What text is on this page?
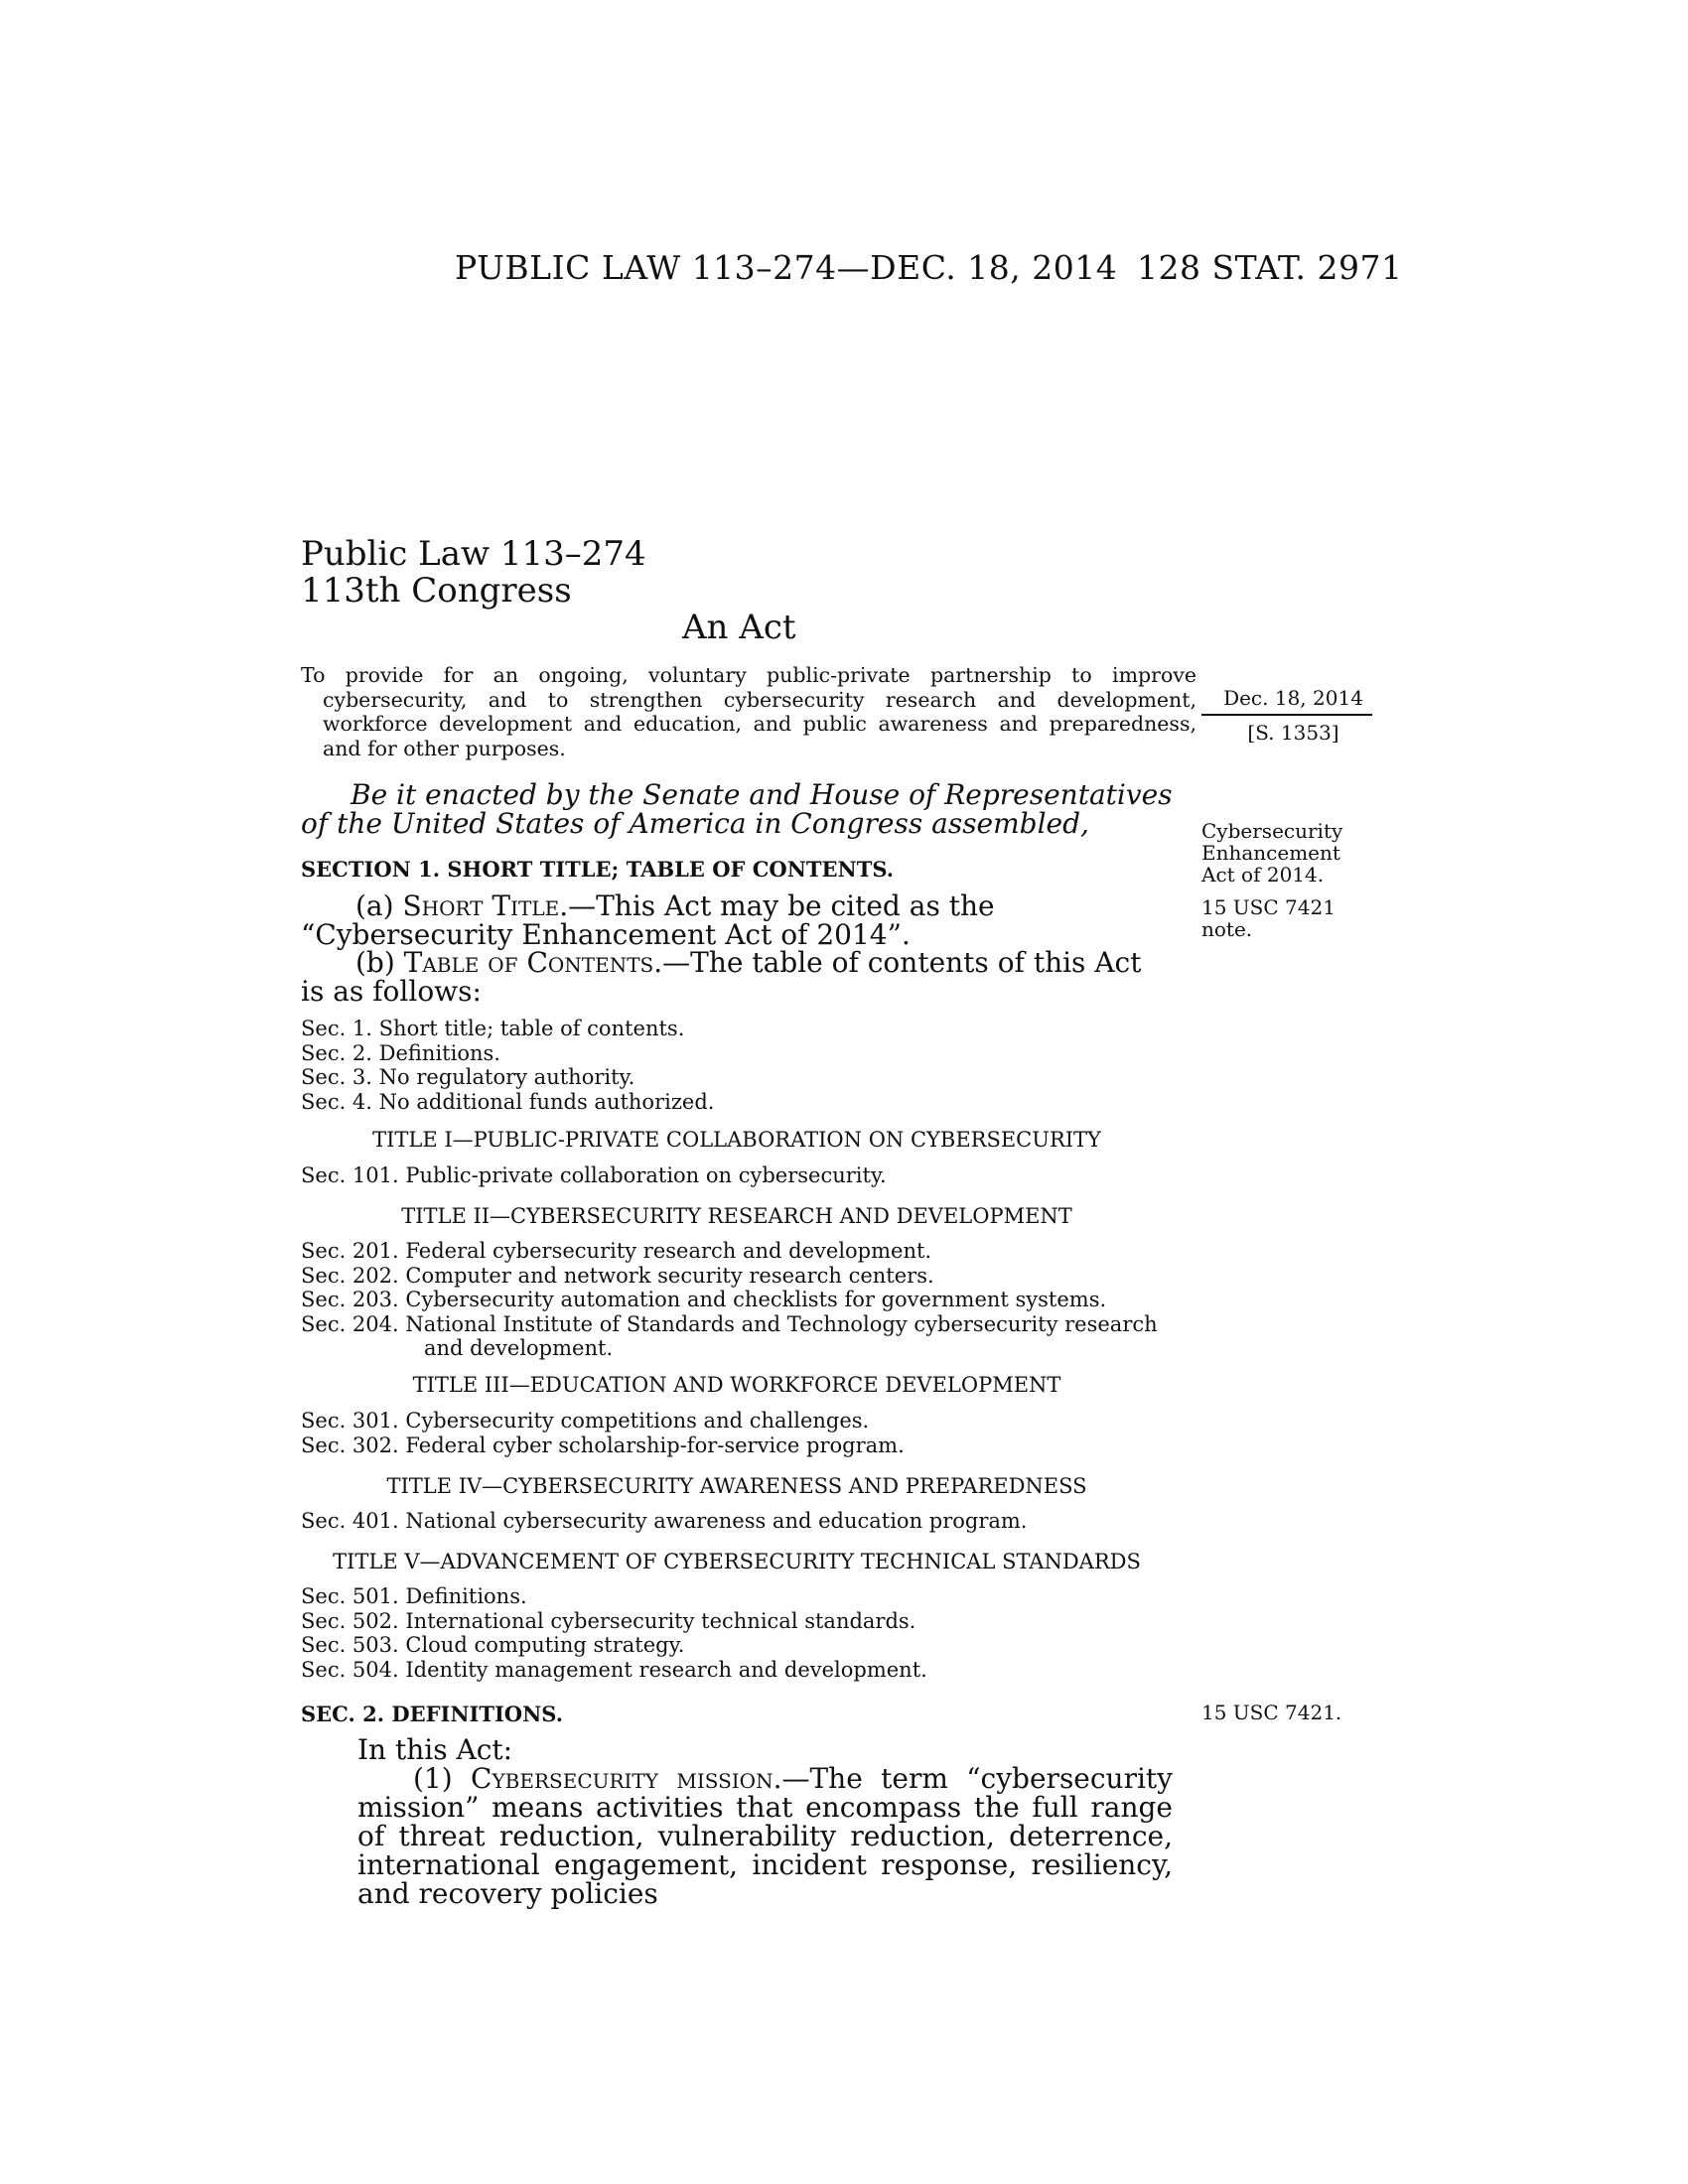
PUBLIC LAW 113–274—DEC. 18, 2014 128 STAT. 2971
Public Law 113–274
113th Congress
An Act
To provide for an ongoing, voluntary public-private partnership to improve cybersecurity, and to strengthen cybersecurity research and development, workforce development and education, and public awareness and preparedness, and for other purposes.
Dec. 18, 2014
[S. 1353]
Be it enacted by the Senate and House of Representatives of the United States of America in Congress assembled,	Cybersecurity
Enhancement
Act of 2014.
SECTION 1. SHORT TITLE; TABLE OF CONTENTS.
(a) Short Title.—This Act may be cited as the “Cybersecurity Enhancement Act of 2014”.
15 USC 7421
note.
(b) Table of Contents.—The table of contents of this Act is as follows:
Sec. 1. Short title; table of contents.
Sec. 2. Definitions.
Sec. 3. No regulatory authority.
Sec. 4. No additional funds authorized.
TITLE I—PUBLIC-PRIVATE COLLABORATION ON CYBERSECURITY
Sec. 101. Public-private collaboration on cybersecurity.
TITLE II—CYBERSECURITY RESEARCH AND DEVELOPMENT
Sec. 201. Federal cybersecurity research and development.
Sec. 202. Computer and network security research centers.
Sec. 203. Cybersecurity automation and checklists for government systems.
Sec. 204. National Institute of Standards and Technology cybersecurity research
and development.
TITLE III—EDUCATION AND WORKFORCE DEVELOPMENT
Sec. 301. Cybersecurity competitions and challenges.
Sec. 302. Federal cyber scholarship-for-service program.
TITLE IV—CYBERSECURITY AWARENESS AND PREPAREDNESS
Sec. 401. National cybersecurity awareness and education program.
TITLE V—ADVANCEMENT OF CYBERSECURITY TECHNICAL STANDARDS
Sec. 501. Definitions.
Sec. 502. International cybersecurity technical standards.
Sec. 503. Cloud computing strategy.
Sec. 504. Identity management research and development.
SEC. 2. DEFINITIONS.	15 USC 7421.
In this Act:
(1) Cybersecurity mission.—The term “cybersecurity mission” means activities that encompass the full range of threat reduction, vulnerability reduction, deterrence, international engagement, incident response, resiliency, and recovery policies
